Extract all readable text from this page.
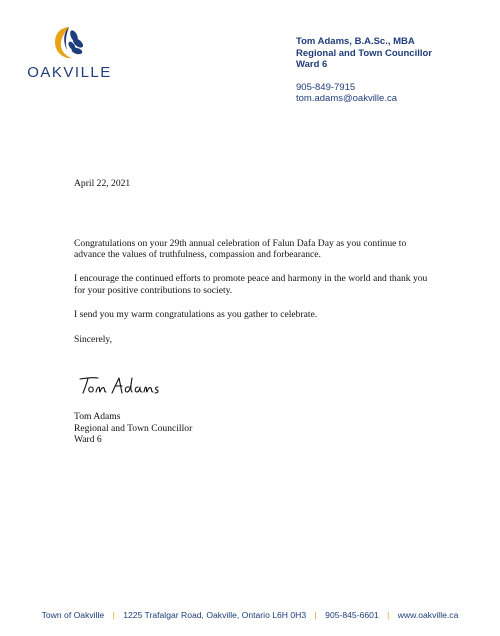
OAKVILLE
Tom Adams, B.A.Sc., MBA
Regional and Town Councillor
Ward 6
905-849-7915
tom.adams@oakville.ca

April 22, 2021

Congratulations on your 29th annual celebration of Falun Dafa Day as you continue to advance the values of truthfulness, compassion and forbearance.

I encourage the continued efforts to promote peace and harmony in the world and thank you for your positive contributions to society.

I send you my warm congratulations as you gather to celebrate.

Sincerely,

Tom Adams
Regional and Town Councillor
Ward 6
Town of Oakville | 1225 Trafalgar Road, Oakville, Ontario L6H 0H3 | 905-845-6601 | www.oakville.ca
